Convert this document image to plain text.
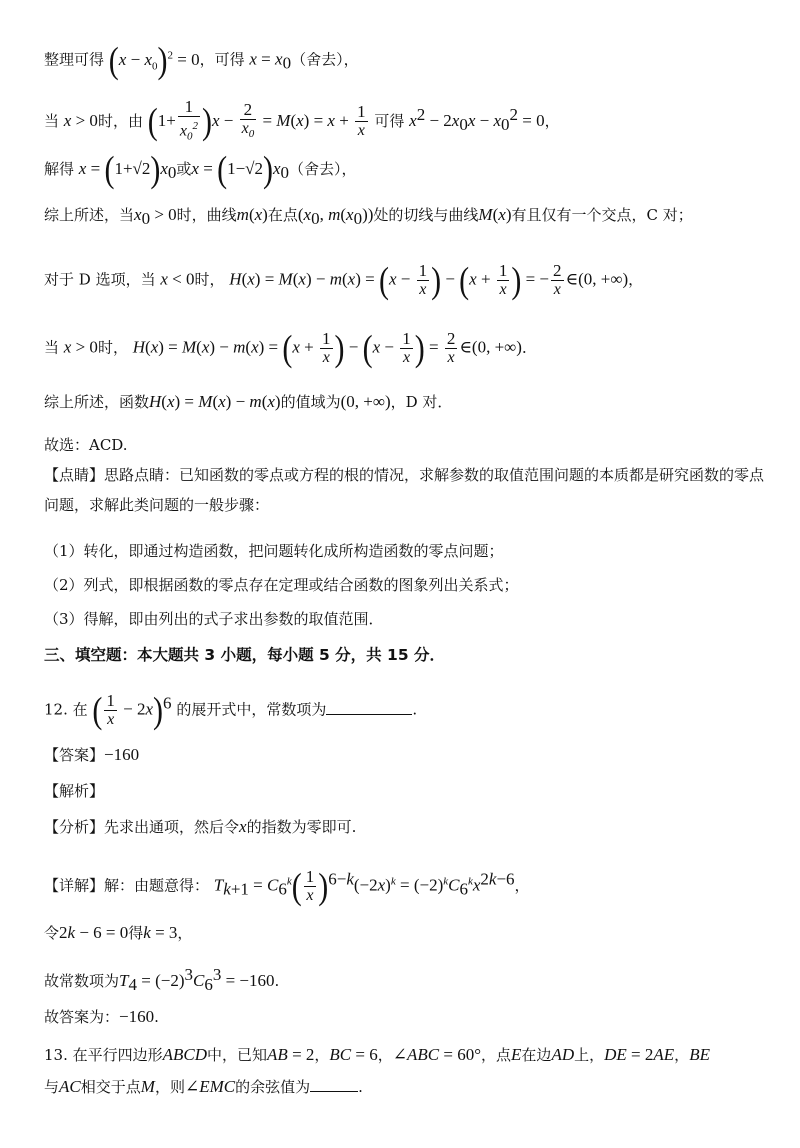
整理可得 $(x - x_0)^2 = 0$，可得 $x = x_0$（舍去），
当 x > 0时，由 $(1+ \frac{1}{x_0^2} )x - \frac{2}{x_0} = M(x) = x + \frac{1}{x}$ 可得 $x^2 - 2x_0x - x_0^2 = 0$，
解得 $x = (1+√2)x_0$或$x = (1-√2)x_0$（舍去），
综上所述，当$x_0 > 0$时，曲线m(x)在点($x_0$, $m(x_0)$)处的切线与曲线M(x)有且仅有一个交点，C 对；
对于 D 选项，当 x < 0时， $H(x) = M(x) - m(x) = (x - \frac{1}{x}$ ) − ($x + \frac{1}{x}$ ) = − $\frac{2}{x}$ ∈(0, +∞)，
当 x > 0时， $H(x) = M(x) - m(x) = (x + \frac{1}{x}$ ) − ($x - \frac{1}{x}$ ) = $\frac{2}{x}$ ∈(0, +∞)．
综上所述，函数H(x) = M(x) − m(x)的值域为(0, +∞)，D 对．
故选：ACD.
【点睛】思路点睛：已知函数的零点或方程的根的情况，求解参数的取值范围问题的本质都是研究函数的零点问题，求解此类问题的一般步骤：
（1）转化，即通过构造函数，把问题转化成所构造函数的零点问题；
（2）列式，即根据函数的零点存在定理或结合函数的图象列出关系式；
（3）得解，即由列出的式子求出参数的取值范围．
三、填空题：本大题共 3 小题，每小题 5 分，共 15 分．
12. 在 ( $\frac{1}{x} - 2x)^6$ 的展开式中，常数项为	.
【答案】−160
【解析】
【分析】先求出通项，然后令x的指数为零即可.
【详解】解：由题意得： $T_{k+1} = C_6^k( \frac{1}{x} )^{6-k}(-2x)^k = (-2)^kC_6^kx^{2k-6}$，
令2k − 6 = 0得k = 3，
故常数项为$T_4 = (-2)^3C_6^3 = -160$.
故答案为：−160.
13. 在平行四边形ABCD中，已知AB = 2，BC = 6，∠ABC = 60°，点E在边AD上，DE = 2AE，BE
与AC相交于点M，则∠EMC的余弦值为	.
